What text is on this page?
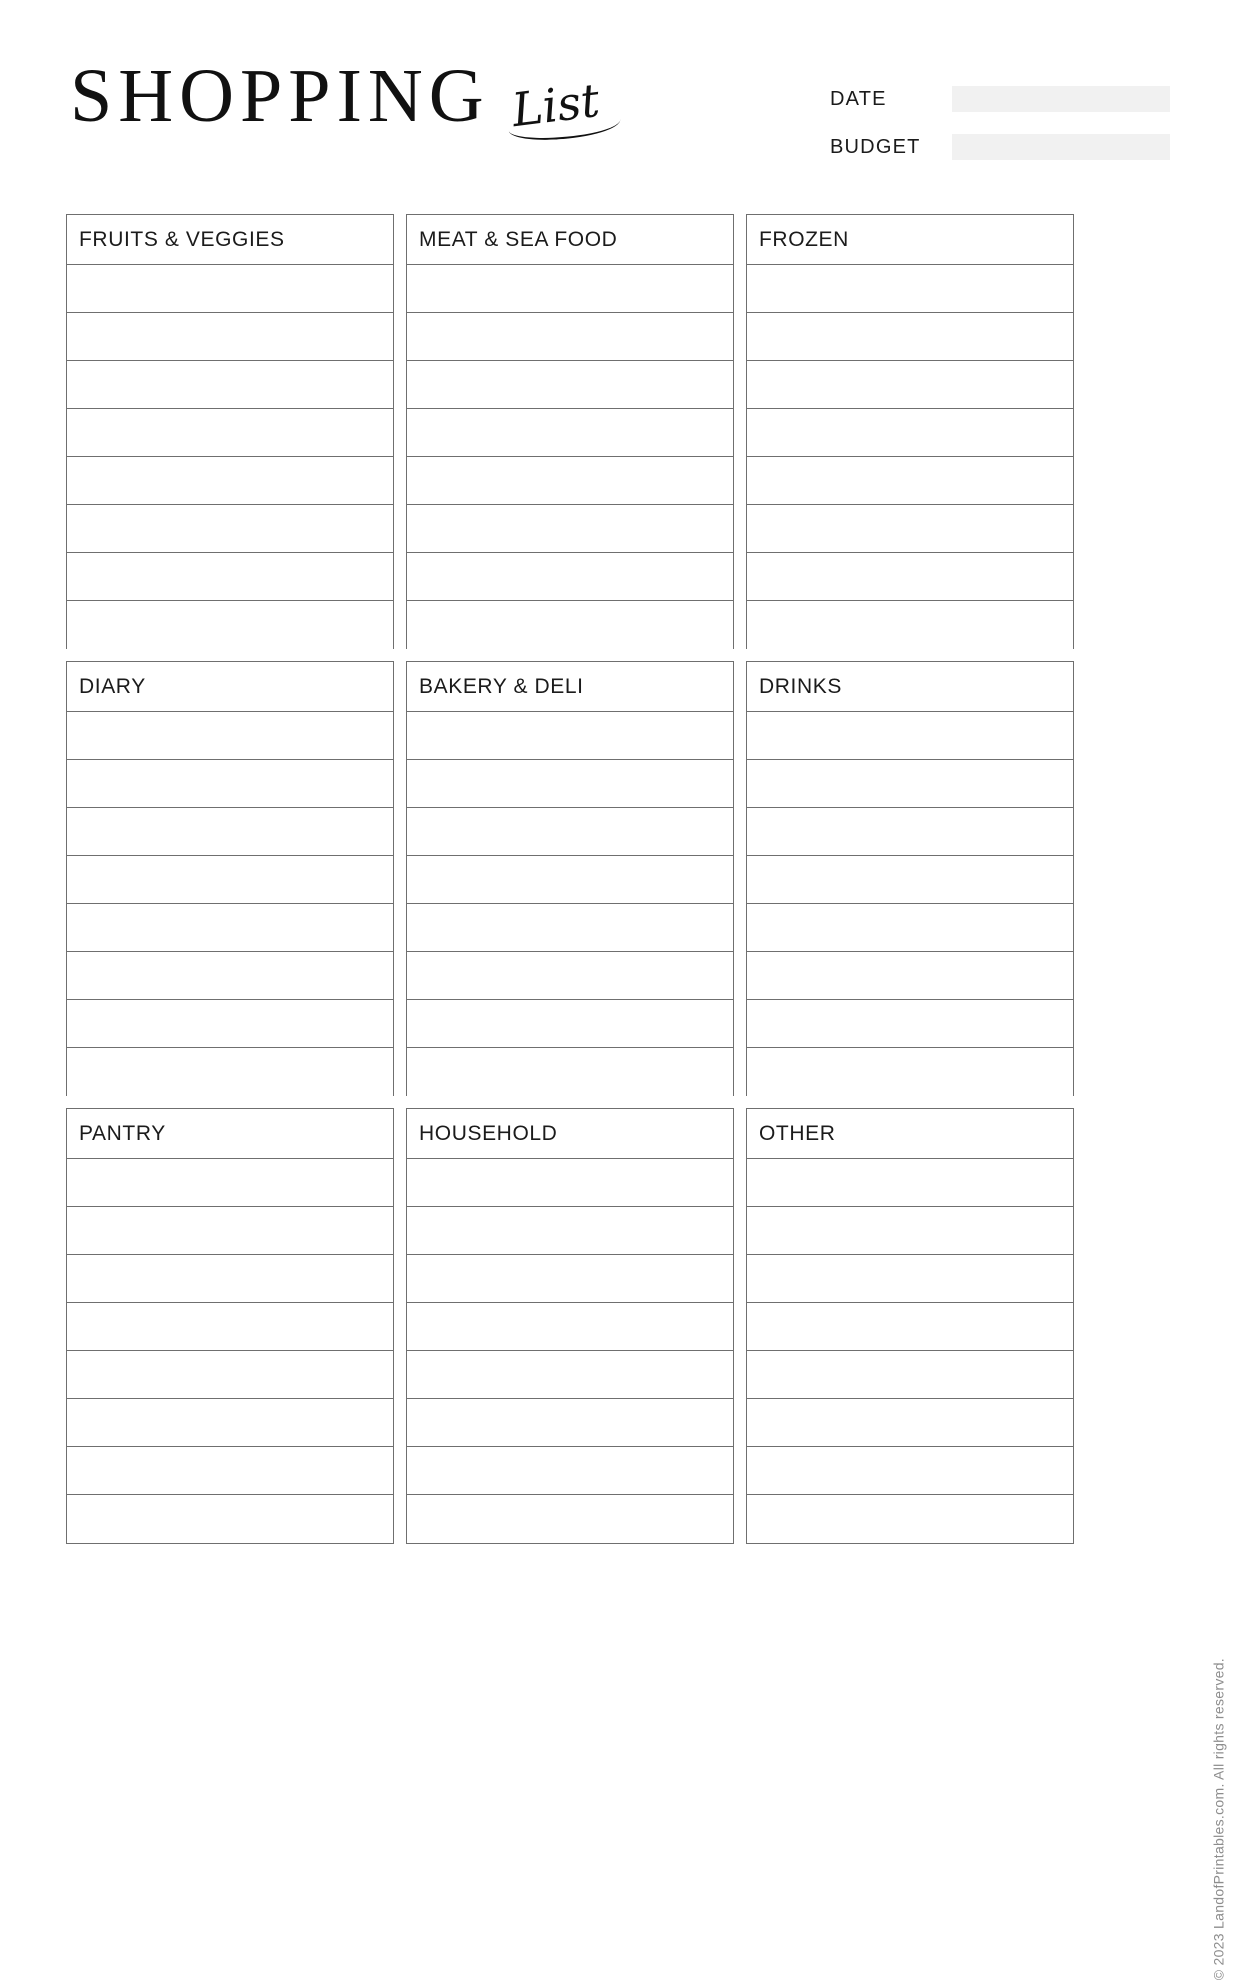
SHOPPING List	DATE
BUDGET
FRUITS & VEGGIES
DIARY
PANTRY
MEAT & SEA FOOD
BAKERY & DELI
HOUSEHOLD
FROZEN
DRINKS
OTHER
© 2023 LandofPrintables.com. All rights reserved.
